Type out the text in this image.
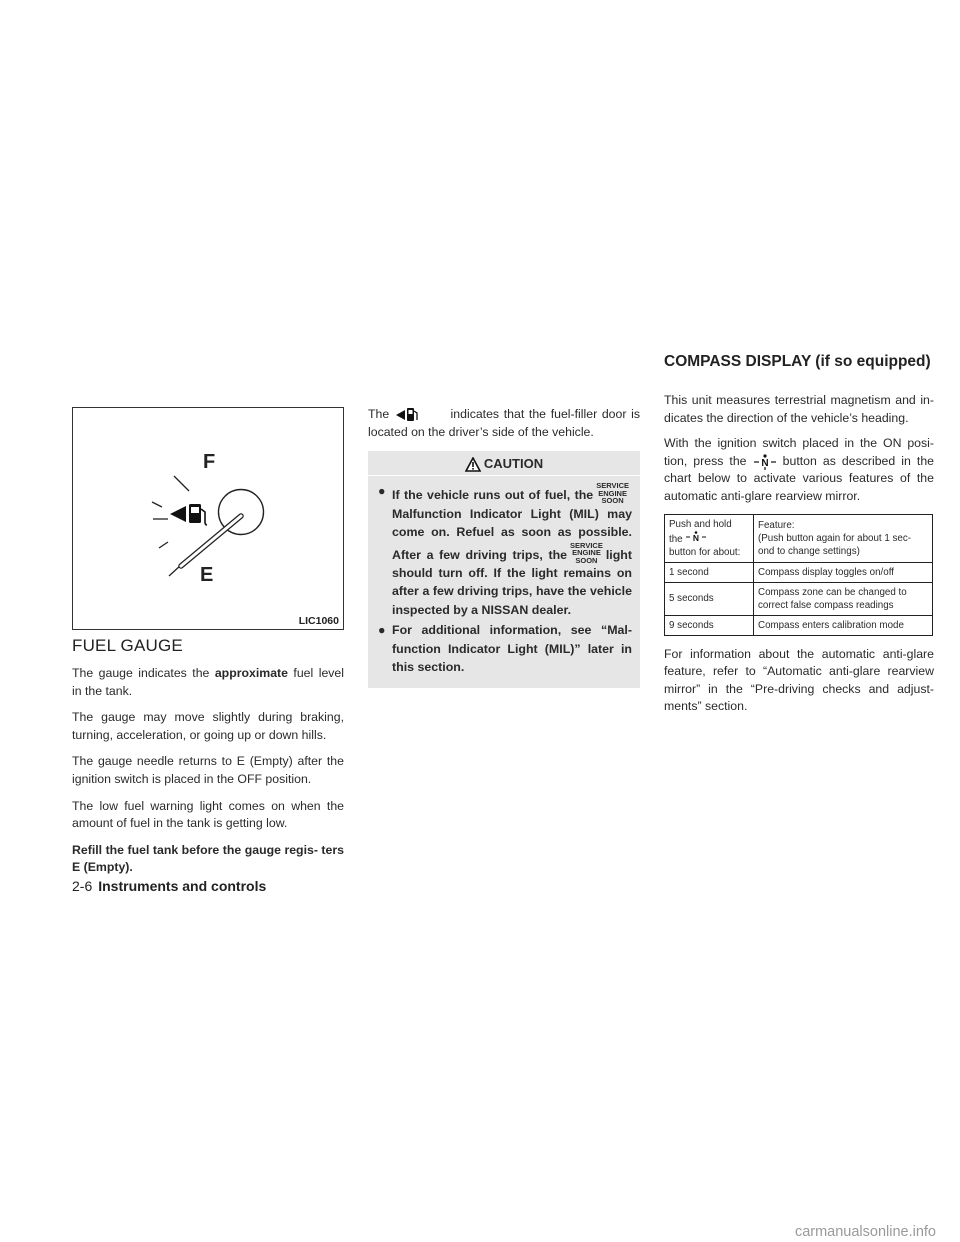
COMPASS DISPLAY (if so equipped)
F
E
LIC1060
FUEL GAUGE

The gauge indicates the approximate fuel level in the tank.

The gauge may move slightly during braking, turning, acceleration, or going up or down hills.

The gauge needle returns to E (Empty) after the ignition switch is placed in the OFF position.

The low fuel warning light comes on when the amount of fuel in the tank is getting low.

Refill the fuel tank before the gauge regis- ters E (Empty).

The	indicates that the fuel-filler door is located on the driver’s side of the vehicle.

CAUTION
● If the vehicle runs out of fuel, theSERVICE
ENGINE
SOONMalfunction Indicator Light (MIL) may come on. Refuel as soon as possible. After a few driving trips, theSERVICE
ENGINE
SOON light should turn off. If the light remains on after a few driving trips, have the vehicle inspected by a NISSAN dealer.
● For additional information, see “Mal- function Indicator Light (MIL)” later in this section.

This unit measures terrestrial magnetism and in- dicates the direction of the vehicle’s heading.

With the ignition switch placed in the ON posi- tion, press the N button as described in the chart below to activate various features of the automatic anti-glare rearview mirror.

Push and hold
the N

button for about:	Feature:
(Push button again for about 1 sec- ond to change settings)
1 second	Compass display toggles on/off
5 seconds	Compass zone can be changed to correct false compass readings
9 seconds	Compass enters calibration mode

For information about the automatic anti-glare feature, refer to “Automatic anti-glare rearview mirror” in the “Pre-driving checks and adjust- ments” section.

2-6 Instruments and controls
carmanualsonline.info
